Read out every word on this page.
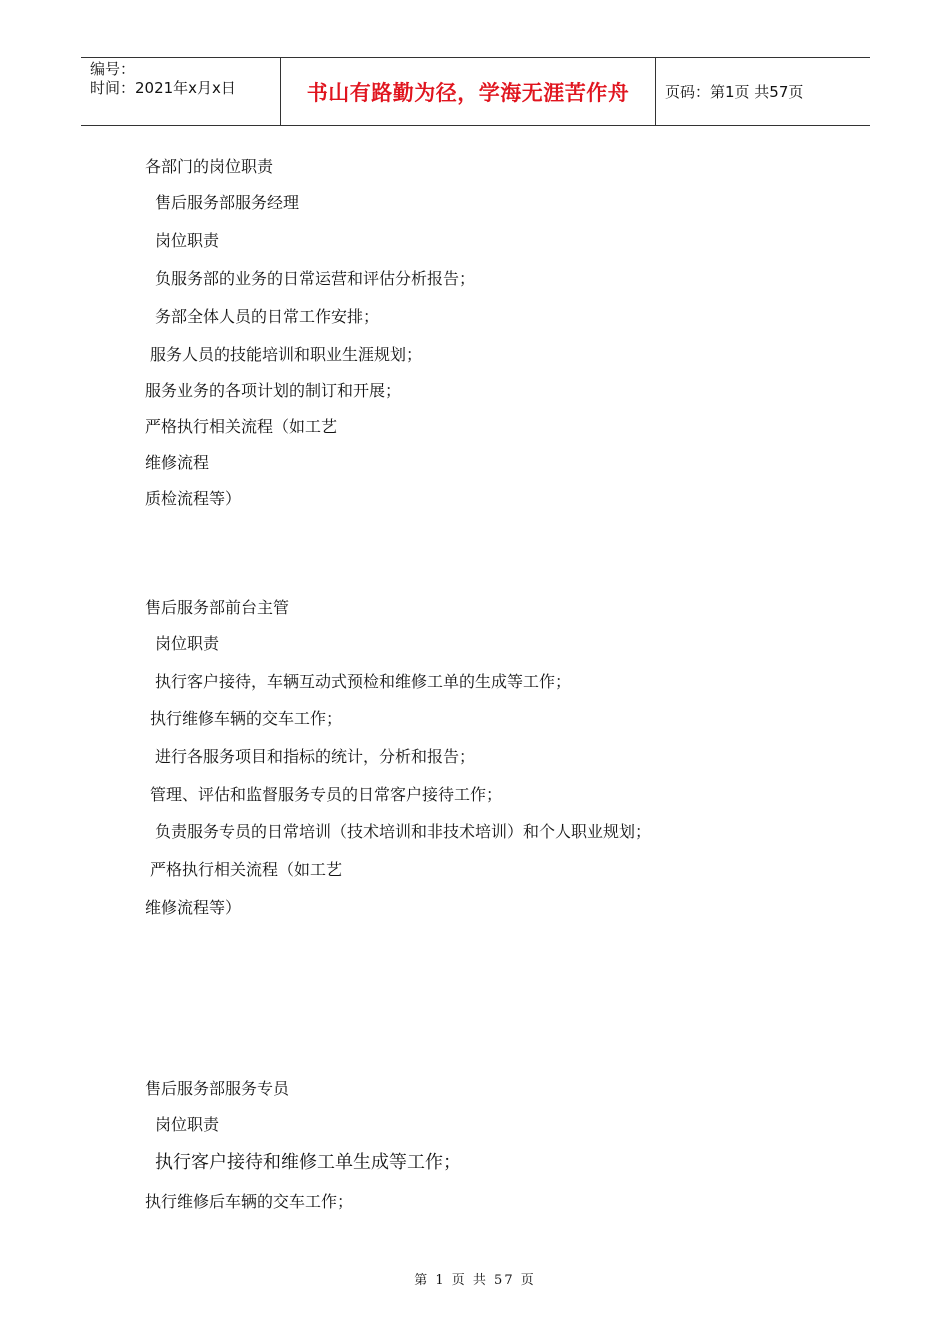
编号：
时间：2021年x月x日	书山有路勤为径，学海无涯苦作舟 页码：第1页 共57页
各部门的岗位职责
售后服务部服务经理
岗位职责
负服务部的业务的日常运营和评估分析报告；
务部全体人员的日常工作安排；
服务人员的技能培训和职业生涯规划；
服务业务的各项计划的制订和开展；
严格执行相关流程（如工艺
维修流程
质检流程等）
售后服务部前台主管
岗位职责
执行客户接待，车辆互动式预检和维修工单的生成等工作；
执行维修车辆的交车工作；
进行各服务项目和指标的统计，分析和报告；
管理、评估和监督服务专员的日常客户接待工作；
负责服务专员的日常培训（技术培训和非技术培训）和个人职业规划；
严格执行相关流程（如工艺
维修流程等）
售后服务部服务专员
岗位职责
执行客户接待和维修工单生成等工作；
执行维修后车辆的交车工作；
第 1 页 共 57 页
